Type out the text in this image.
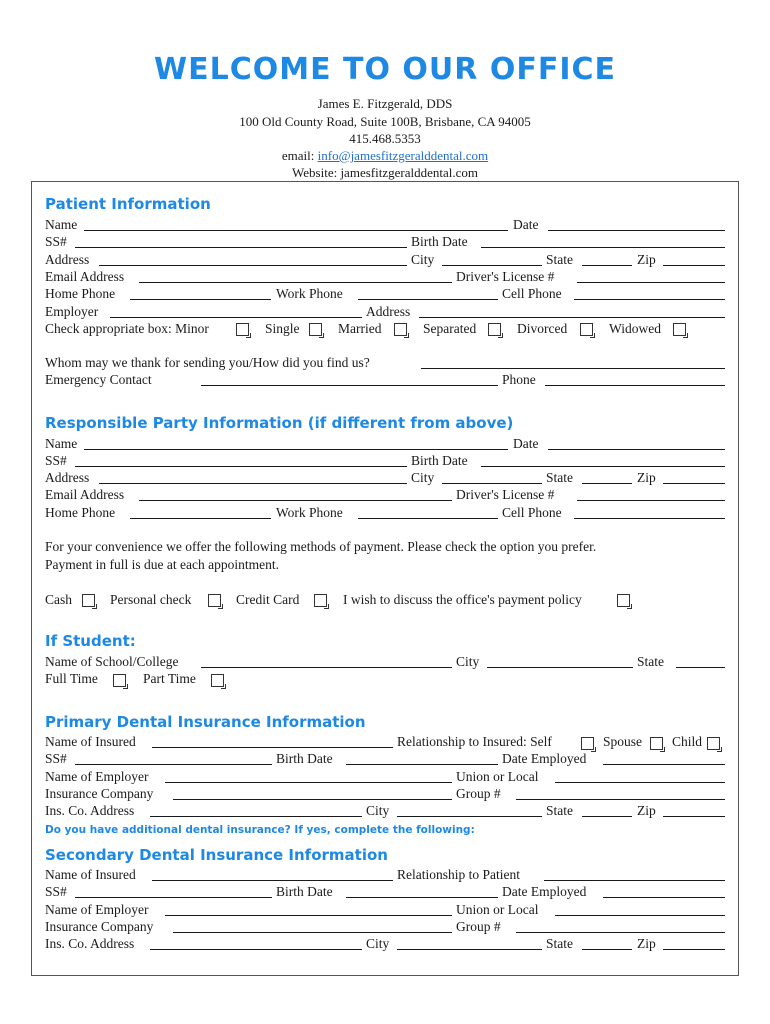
WELCOME TO OUR OFFICE
James E. Fitzgerald, DDS
100 Old County Road, Suite 100B, Brisbane, CA 94005
415.468.5353
email: info@jamesfitzgeralddental.com
Website: jamesfitzgeralddental.com
Patient Information
Name	Date
SS#	Birth Date
Address	City	State	Zip
Email Address	Driver's License #
Home Phone	Work Phone	Cell Phone
Employer	Address
Check appropriate box: Minor	Single	Married	Separated	Divorced	Widowed
Whom may we thank for sending you/How did you find us?
Emergency Contact	Phone
Responsible Party Information (if different from above)
Name	Date
SS#	Birth Date
Address	City	State	Zip
Email Address	Driver's License #
Home Phone	Work Phone	Cell Phone
For your convenience we offer the following methods of payment. Please check the option you prefer.
Payment in full is due at each appointment.
Cash	Personal check	Credit Card	I wish to discuss the office's payment policy
If Student:
Name of School/College	City	State
Full Time	Part Time
Primary Dental Insurance Information
Name of Insured	Relationship to Insured: Self	Spouse Child
SS#	Birth Date	Date Employed
Name of Employer	Union or Local
Insurance Company	Group #
Ins. Co. Address	City	State	Zip
Do you have additional dental insurance? If yes, complete the following:
Secondary Dental Insurance Information
Name of Insured	Relationship to Patient
SS#	Birth Date	Date Employed
Name of Employer	Union or Local
Insurance Company	Group #
Ins. Co. Address	City	State	Zip
